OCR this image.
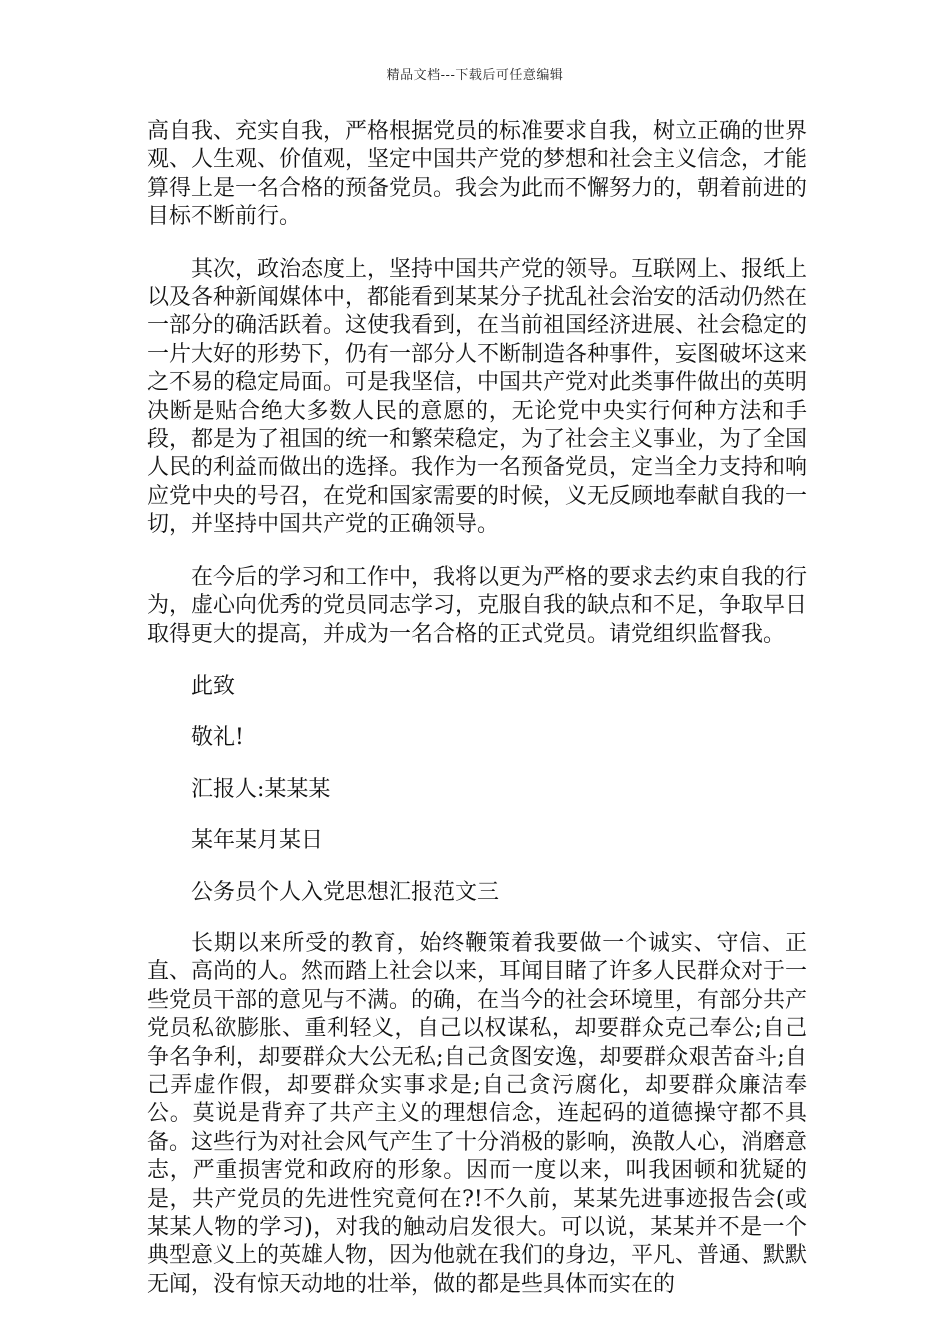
精品文档---下载后可任意编辑

高自我、充实自我，严格根据党员的标准要求自我，树立正确的世界观、人生观、价值观，坚定中国共产党的梦想和社会主义信念，才能算得上是一名合格的预备党员。我会为此而不懈努力的，朝着前进的目标不断前行。

其次，政治态度上，坚持中国共产党的领导。互联网上、报纸上以及各种新闻媒体中，都能看到某某分子扰乱社会治安的活动仍然在一部分的确活跃着。这使我看到，在当前祖国经济进展、社会稳定的一片大好的形势下，仍有一部分人不断制造各种事件，妄图破坏这来之不易的稳定局面。可是我坚信，中国共产党对此类事件做出的英明决断是贴合绝大多数人民的意愿的，无论党中央实行何种方法和手段，都是为了祖国的统一和繁荣稳定，为了社会主义事业，为了全国人民的利益而做出的选择。我作为一名预备党员，定当全力支持和响应党中央的号召，在党和国家需要的时候，义无反顾地奉献自我的一切，并坚持中国共产党的正确领导。

在今后的学习和工作中，我将以更为严格的要求去约束自我的行为，虚心向优秀的党员同志学习，克服自我的缺点和不足，争取早日取得更大的提高，并成为一名合格的正式党员。请党组织监督我。

此致

敬礼!

汇报人:某某某

某年某月某日

公务员个人入党思想汇报范文三

长期以来所受的教育，始终鞭策着我要做一个诚实、守信、正直、高尚的人。然而踏上社会以来，耳闻目睹了许多人民群众对于一些党员干部的意见与不满。的确，在当今的社会环境里，有部分共产党员私欲膨胀、重利轻义，自己以权谋私，却要群众克己奉公;自己争名争利，却要群众大公无私;自己贪图安逸，却要群众艰苦奋斗;自己弄虚作假，却要群众实事求是;自己贪污腐化，却要群众廉洁奉公。莫说是背弃了共产主义的理想信念，连起码的道德操守都不具备。这些行为对社会风气产生了十分消极的影响，涣散人心，消磨意志，严重损害党和政府的形象。因而一度以来，叫我困顿和犹疑的是，共产党员的先进性究竟何在?!不久前，某某先进事迹报告会(或某某人物的学习)，对我的触动启发很大。可以说，某某并不是一个典型意义上的英雄人物，因为他就在我们的身边，平凡、普通、默默无闻，没有惊天动地的壮举，做的都是些具体而实在的
